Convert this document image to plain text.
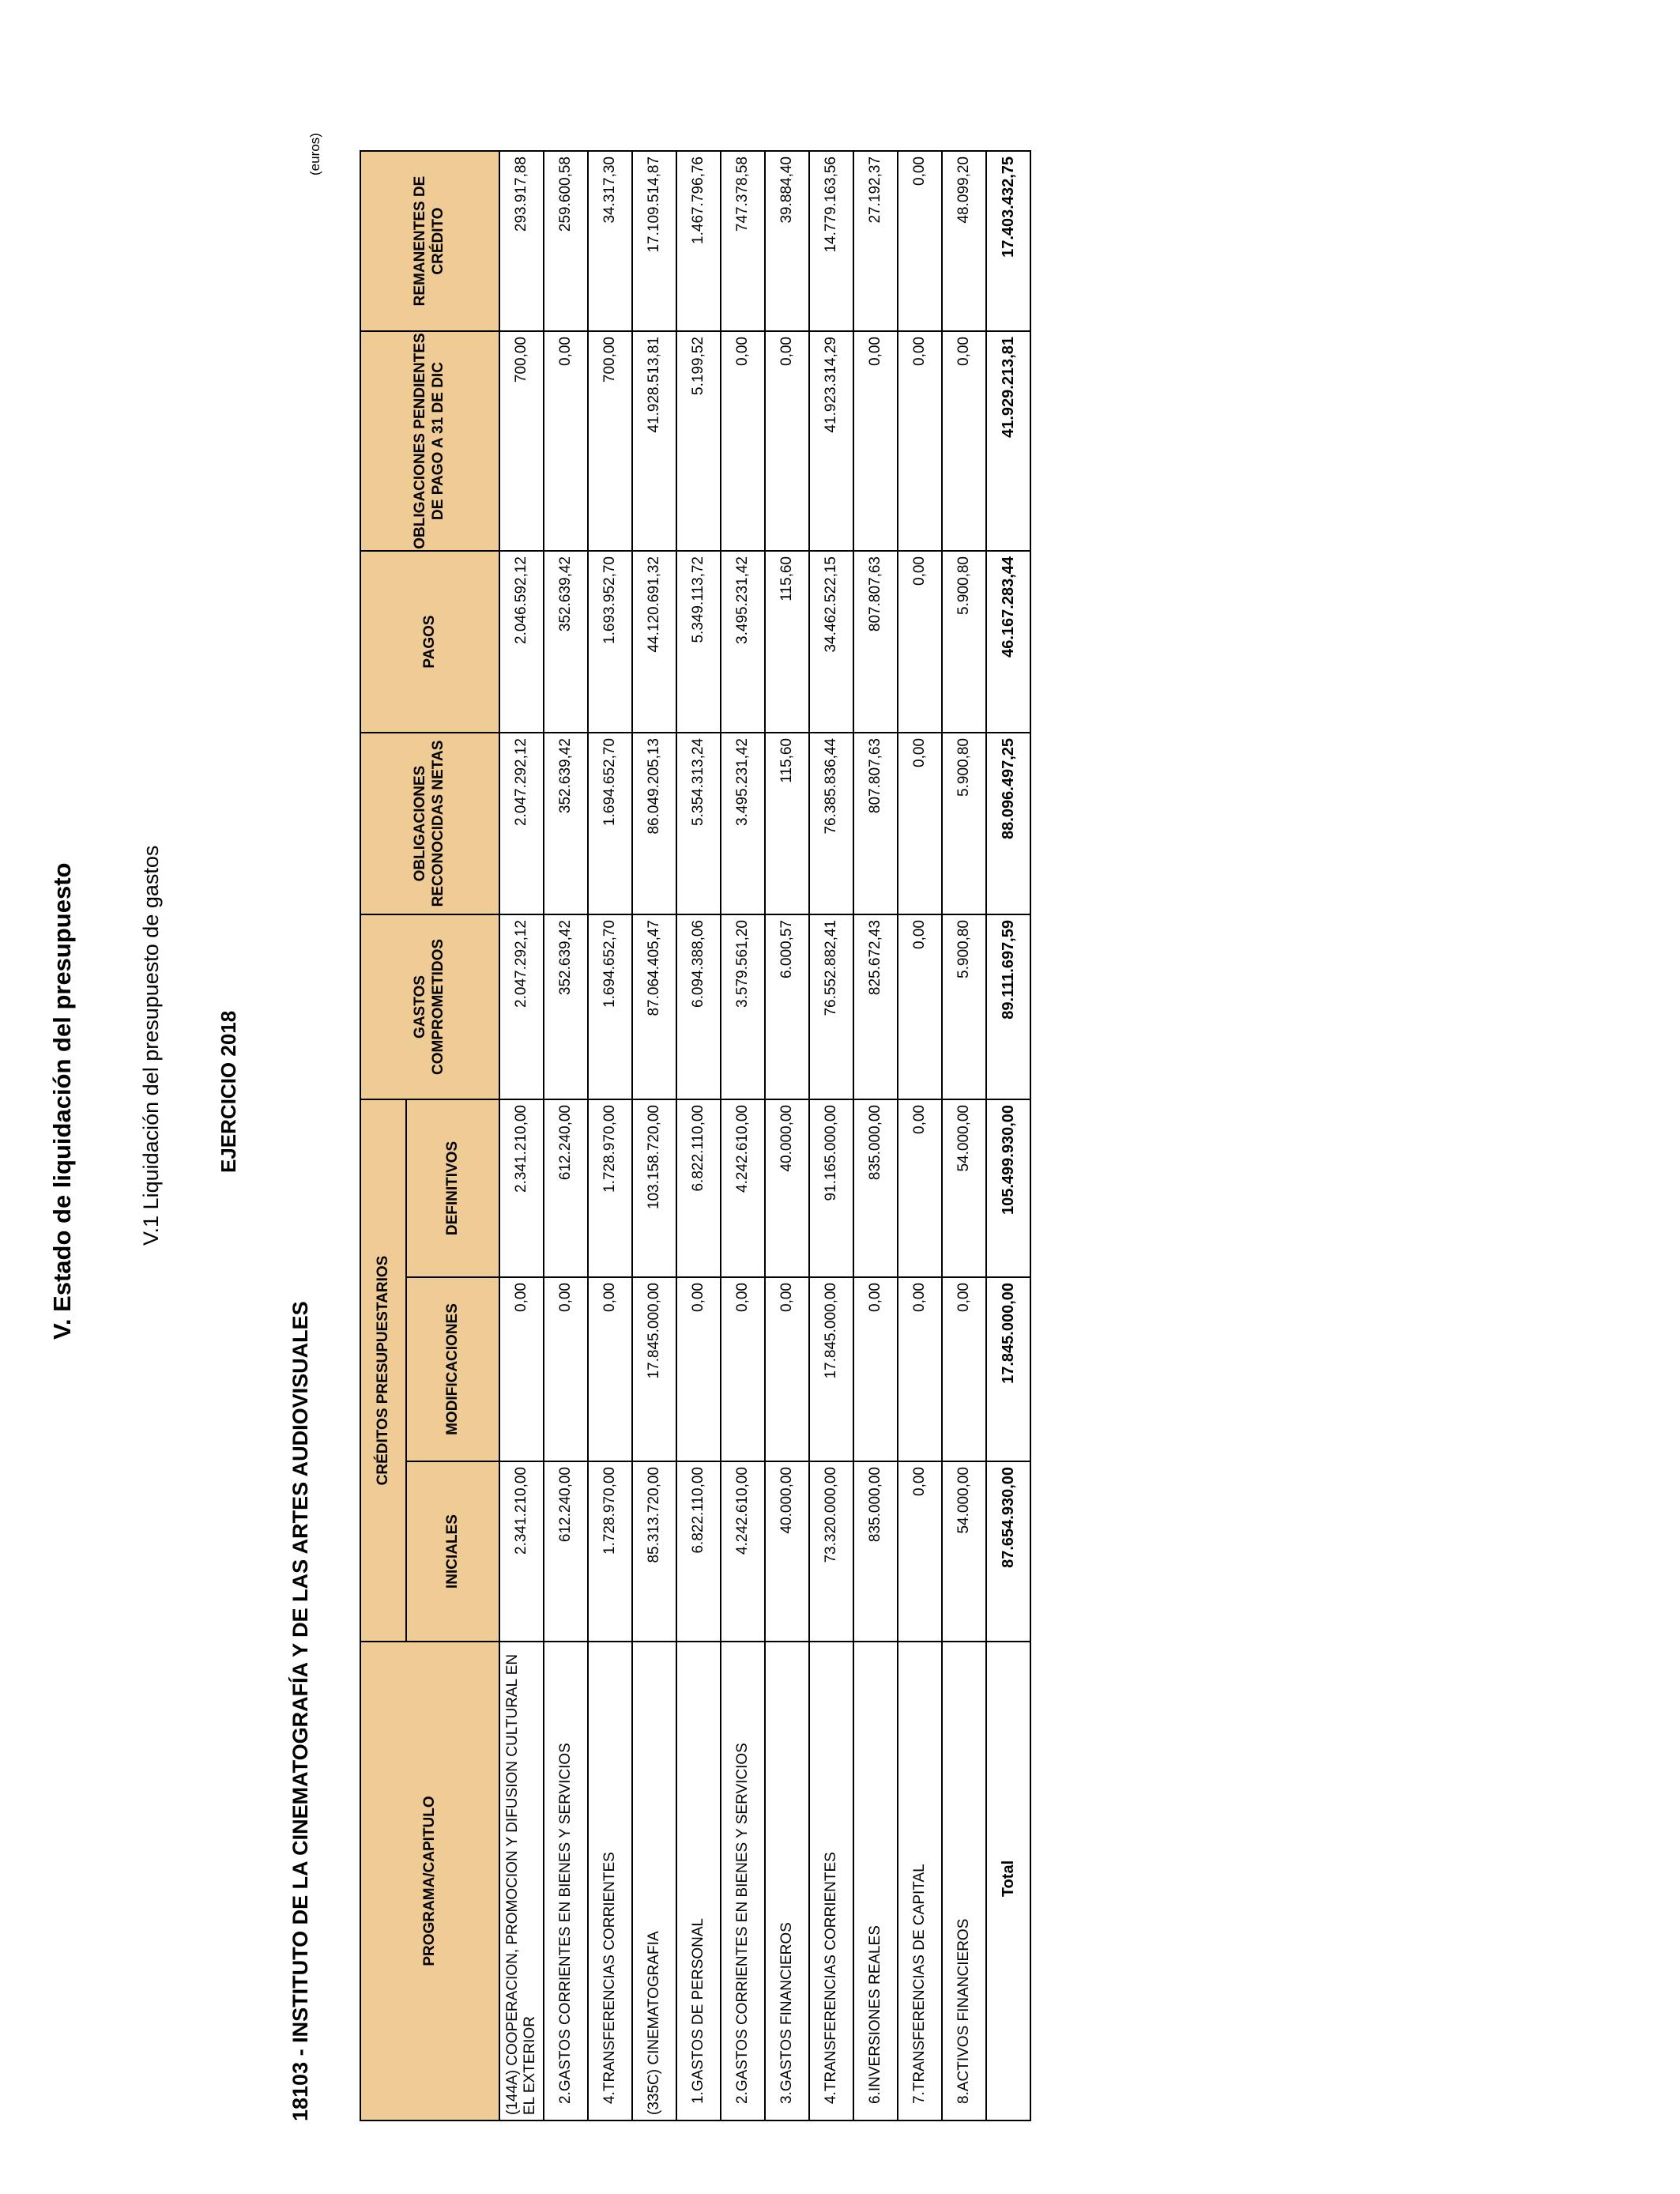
V. Estado de liquidación del presupuesto	V.1 Liquidación del presupuesto de gastos	EJERCICIO 2018
18103 - INSTITUTO DE LA CINEMATOGRAFÍA Y DE LAS ARTES AUDIOVISUALES
(euros)
PROGRAMA/CAPITULO	CRÉDITOS PRESUPUESTARIOS			GASTOS COMPROMETIDOS	OBLIGACIONES RECONOCIDAS NETAS	PAGOS	OBLIGACIONES PENDIENTES DE PAGO A 31 DE DIC	REMANENTES DE CRÉDITO
	INICIALES	MODIFICACIONES	DEFINITIVOS					
(144A) COOPERACION, PROMOCION Y DIFUSION CULTURAL EN EL EXTERIOR	2.341.210,00	0,00	2.341.210,00	2.047.292,12	2.047.292,12	2.046.592,12	700,00	293.917,88
2.GASTOS CORRIENTES EN BIENES Y SERVICIOS	612.240,00	0,00	612.240,00	352.639,42	352.639,42	352.639,42	0,00	259.600,58
4.TRANSFERENCIAS CORRIENTES	1.728.970,00	0,00	1.728.970,00	1.694.652,70	1.694.652,70	1.693.952,70	700,00	34.317,30
(335C) CINEMATOGRAFIA	85.313.720,00	17.845.000,00	103.158.720,00	87.064.405,47	86.049.205,13	44.120.691,32	41.928.513,81	17.109.514,87
1.GASTOS DE PERSONAL	6.822.110,00	0,00	6.822.110,00	6.094.388,06	5.354.313,24	5.349.113,72	5.199,52	1.467.796,76
2.GASTOS CORRIENTES EN BIENES Y SERVICIOS	4.242.610,00	0,00	4.242.610,00	3.579.561,20	3.495.231,42	3.495.231,42	0,00	747.378,58
3.GASTOS FINANCIEROS	40.000,00	0,00	40.000,00	6.000,57	115,60	115,60	0,00	39.884,40
4.TRANSFERENCIAS CORRIENTES	73.320.000,00	17.845.000,00	91.165.000,00	76.552.882,41	76.385.836,44	34.462.522,15	41.923.314,29	14.779.163,56
6.INVERSIONES REALES	835.000,00	0,00	835.000,00	825.672,43	807.807,63	807.807,63	0,00	27.192,37
7.TRANSFERENCIAS DE CAPITAL	0,00	0,00	0,00	0,00	0,00	0,00	0,00	0,00
8.ACTIVOS FINANCIEROS	54.000,00	0,00	54.000,00	5.900,80	5.900,80	5.900,80	0,00	48.099,20
Total	87.654.930,00	17.845.000,00	105.499.930,00	89.111.697,59	88.096.497,25	46.167.283,44	41.929.213,81	17.403.432,75
